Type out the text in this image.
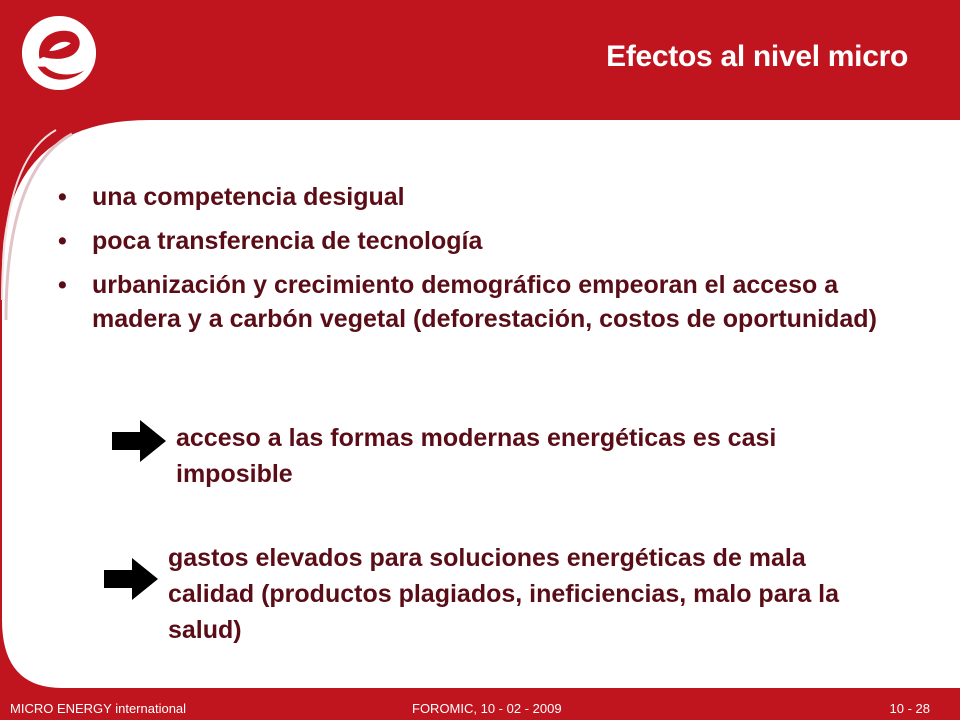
Efectos al nivel micro
• una competencia desigual
• poca transferencia de tecnología
• urbanización y crecimiento demográfico empeoran el acceso a madera y a carbón vegetal (deforestación, costos de oportunidad)
acceso a las formas modernas energéticas es casi imposible
gastos elevados para soluciones energéticas de mala calidad (productos plagiados, ineficiencias, malo para la salud)
MICRO ENERGY international	FOROMIC, 10 - 02 - 2009	10 - 28
